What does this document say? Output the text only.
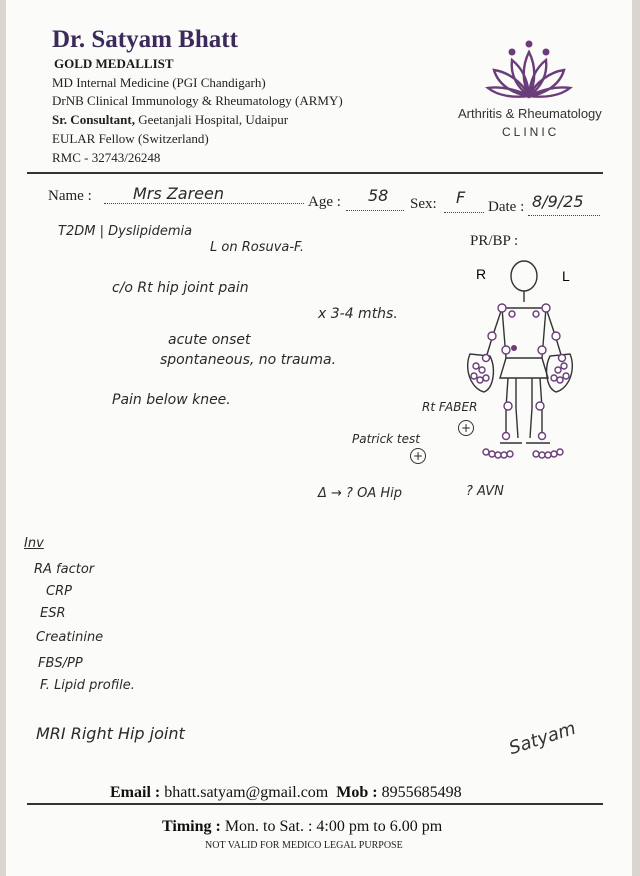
Dr. Satyam Bhatt
GOLD MEDALLIST
MD Internal Medicine (PGI Chandigarh)
DrNB Clinical Immunology & Rheumatology (ARMY)
Sr. Consultant, Geetanjali Hospital, Udaipur
EULAR Fellow (Switzerland)
RMC - 32743/26248
Arthritis & Rheumatology
CLINIC
Name :	Mrs Zareen	Age : 58 Sex: F Date : 8/9/25
PR/BP :
T2DM | Dyslipidemia
L on Rosuva-F.
c/o Rt hip joint pain
x 3-4 mths.
acute onset
spontaneous, no trauma.
Pain below knee.	Rt FABER
+
Patrick test
+
Δ → ? OA Hip	? AVN
R	L
Inv
RA factor
CRP
ESR
Creatinine
FBS/PP
F. Lipid profile.
MRI Right Hip joint	Satyam
Email : bhatt.satyam@gmail.com Mob : 8955685498
Timing : Mon. to Sat. : 4:00 pm to 6.00 pm
NOT VALID FOR MEDICO LEGAL PURPOSE
